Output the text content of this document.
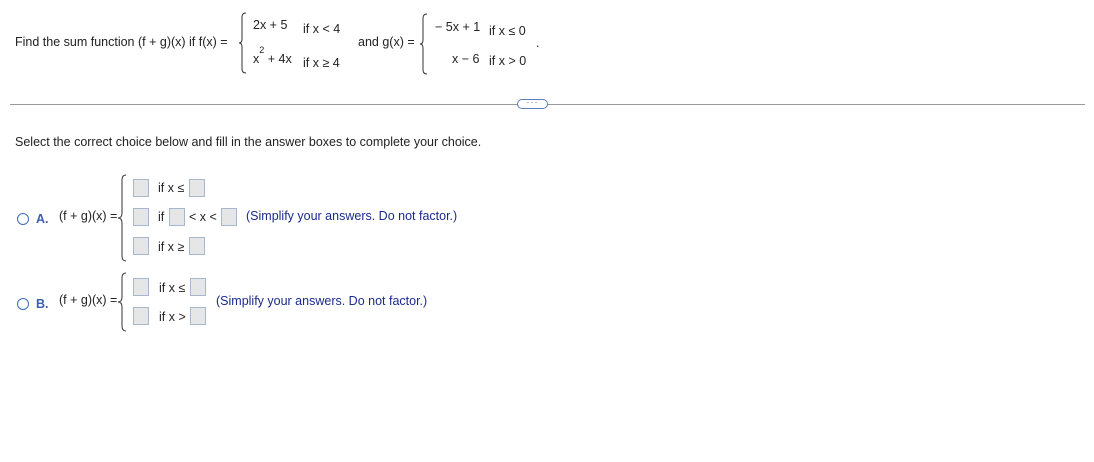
Find the sum function (f + g)(x) if f(x) =
2x + 5 if x < 4
$x^2 + 4x$ if x ≥ 4
and g(x) =
− 5x + 1 if x ≤ 0
x − 6 if x > 0
.
···
Select the correct choice below and fill in the answer boxes to complete your choice.
A. (f + g)(x) =
if x ≤
if < x <
if x ≥
(Simplify your answers. Do not factor.)
B. (f + g)(x) =
if x ≤
if x >
(Simplify your answers. Do not factor.)
